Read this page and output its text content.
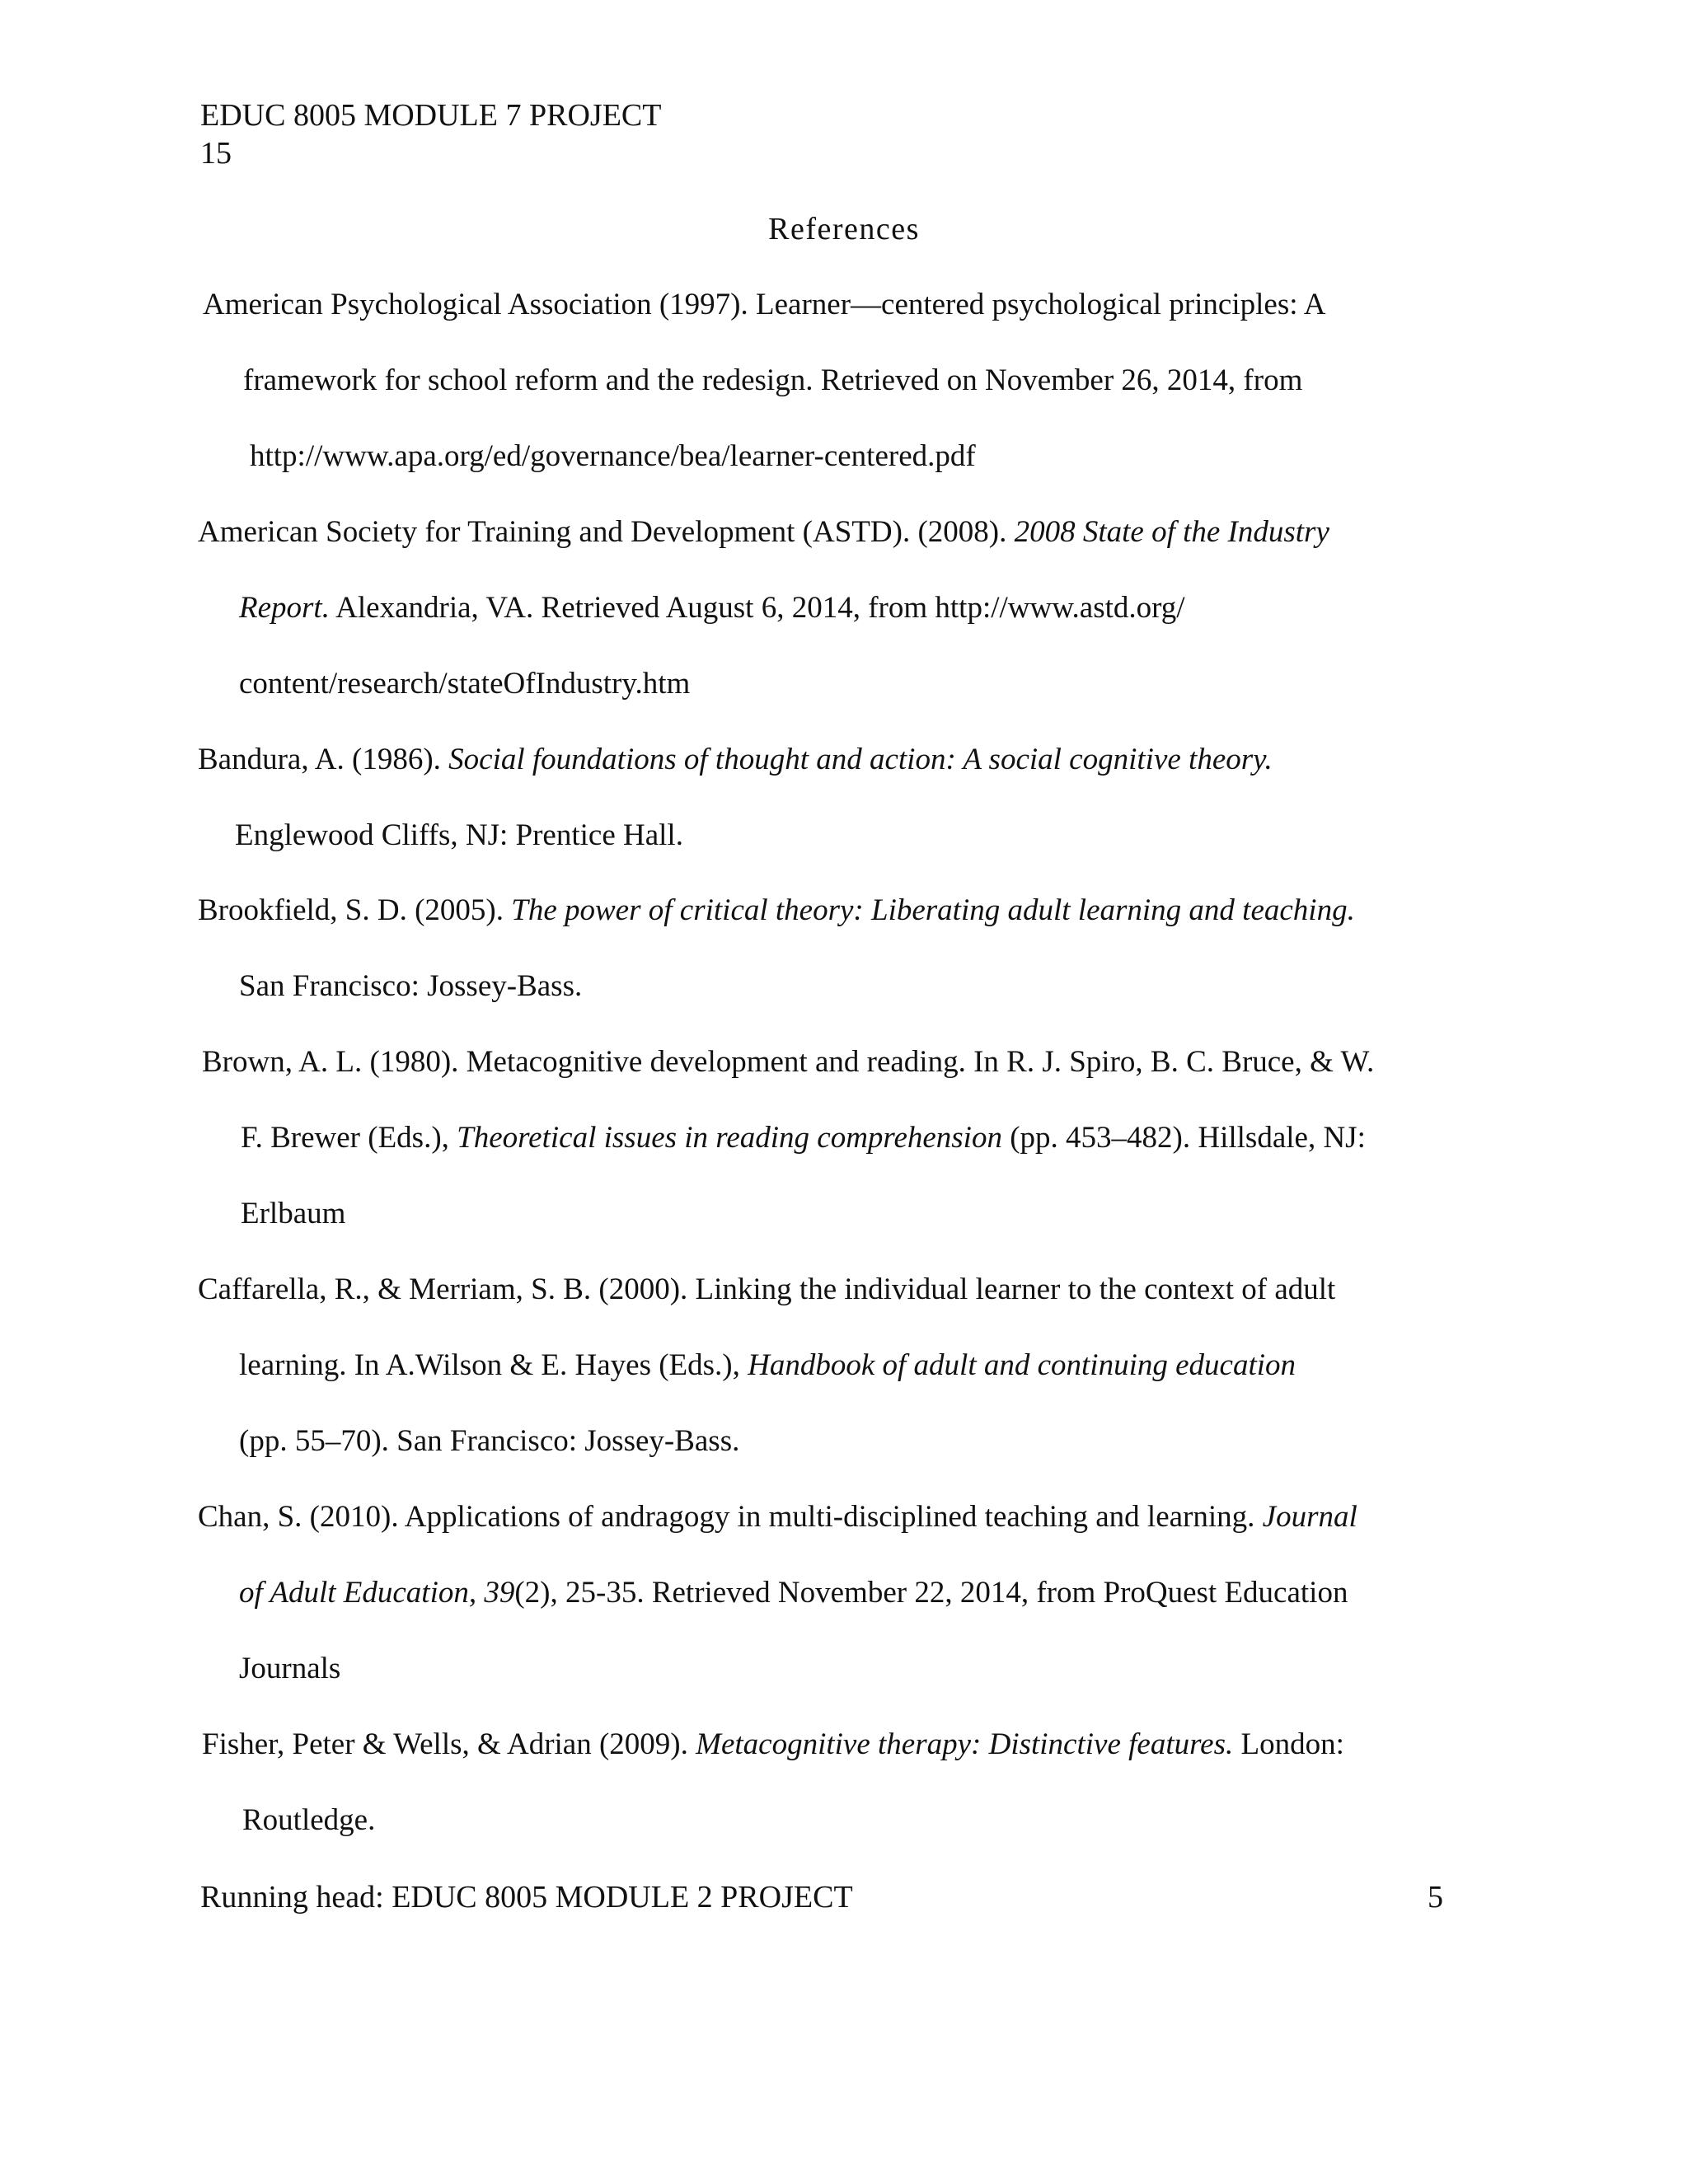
EDUC 8005 MODULE 7 PROJECT
15
References
American Psychological Association (1997). Learner—centered psychological principles: A
framework for school reform and the redesign. Retrieved on November 26, 2014, from
http://www.apa.org/ed/governance/bea/learner-centered.pdf
American Society for Training and Development (ASTD). (2008). 2008 State of the Industry
Report. Alexandria, VA. Retrieved August 6, 2014, from http://www.astd.org/
content/research/stateOfIndustry.htm
Bandura, A. (1986). Social foundations of thought and action: A social cognitive theory.
Englewood Cliffs, NJ: Prentice Hall.
Brookfield, S. D. (2005). The power of critical theory: Liberating adult learning and teaching.
San Francisco: Jossey-Bass.
Brown, A. L. (1980). Metacognitive development and reading. In R. J. Spiro, B. C. Bruce, & W.
F. Brewer (Eds.), Theoretical issues in reading comprehension (pp. 453–482). Hillsdale, NJ:
Erlbaum
Caffarella, R., & Merriam, S. B. (2000). Linking the individual learner to the context of adult
learning. In A.Wilson & E. Hayes (Eds.), Handbook of adult and continuing education
(pp. 55–70). San Francisco: Jossey-Bass.
Chan, S. (2010). Applications of andragogy in multi-disciplined teaching and learning. Journal
of Adult Education, 39(2), 25-35. Retrieved November 22, 2014, from ProQuest Education
Journals
Fisher, Peter & Wells, & Adrian (2009). Metacognitive therapy: Distinctive features. London:
Routledge.
Running head: EDUC 8005 MODULE 2 PROJECT	5
